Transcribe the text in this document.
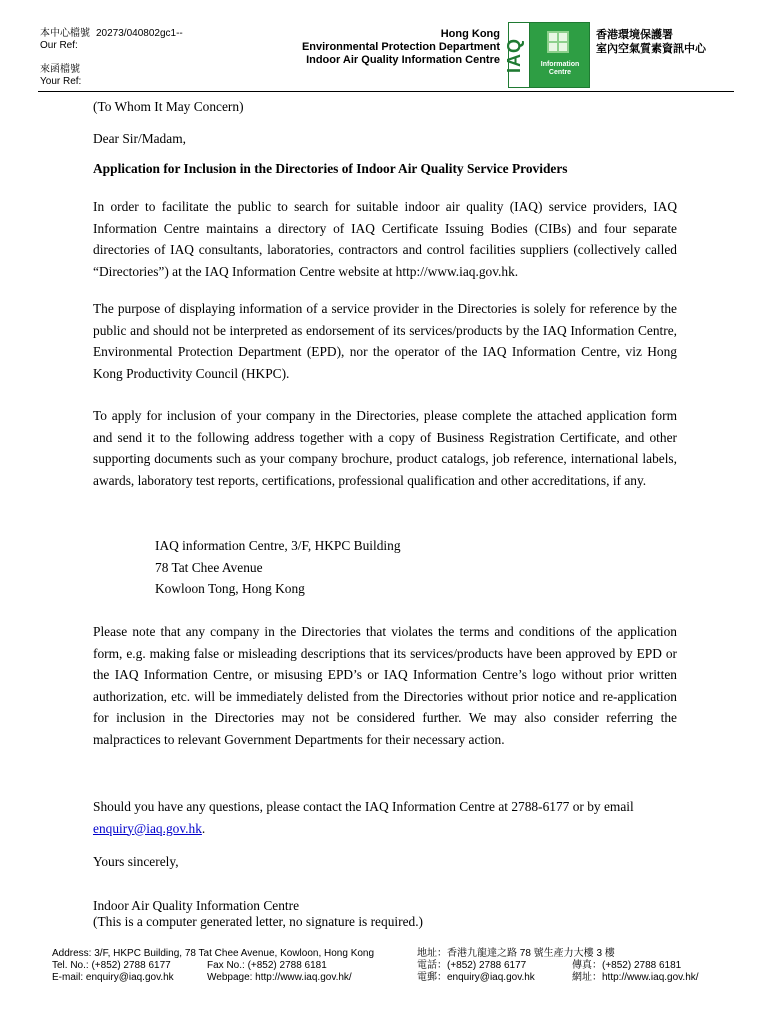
本中心檔號 20273/040802gc1--
Our Ref:
來函檔號
Your Ref:
Hong Kong
Environmental Protection Department
Indoor Air Quality Information Centre IAQ	Information
Centre
香港環境保護署
室內空氣質素資訊中心
(To Whom It May Concern)
Dear Sir/Madam,
Application for Inclusion in the Directories of Indoor Air Quality Service Providers
In order to facilitate the public to search for suitable indoor air quality (IAQ) service providers, IAQ Information Centre maintains a directory of IAQ Certificate Issuing Bodies (CIBs) and four separate directories of IAQ consultants, laboratories, contractors and control facilities suppliers (collectively called “Directories”) at the IAQ Information Centre website at http://www.iaq.gov.hk.
The purpose of displaying information of a service provider in the Directories is solely for reference by the public and should not be interpreted as endorsement of its services/products by the IAQ Information Centre, Environmental Protection Department (EPD), nor the operator of the IAQ Information Centre, viz Hong Kong Productivity Council (HKPC).
To apply for inclusion of your company in the Directories, please complete the attached application form and send it to the following address together with a copy of Business Registration Certificate, and other supporting documents such as your company brochure, product catalogs, job reference, international labels, awards, laboratory test reports, certifications, professional qualification and other accreditations, if any.
IAQ information Centre, 3/F, HKPC Building
78 Tat Chee Avenue
Kowloon Tong, Hong Kong
Please note that any company in the Directories that violates the terms and conditions of the application form, e.g. making false or misleading descriptions that its services/products have been approved by EPD or the IAQ Information Centre, or misusing EPD’s or IAQ Information Centre’s logo without prior written authorization, etc. will be immediately delisted from the Directories without prior notice and re-application for inclusion in the Directories may not be considered further. We may also consider referring the malpractices to relevant Government Departments for their necessary action.
Should you have any questions, please contact the IAQ Information Centre at 2788-6177 or by email
enquiry@iaq.gov.hk.
Yours sincerely,
Indoor Air Quality Information Centre
(This is a computer generated letter, no signature is required.)
Address: 3/F, HKPC Building, 78 Tat Chee Avenue, Kowloon, Hong Kong
Tel. No.: (+852) 2788 6177	Fax No.: (+852) 2788 6181
E-mail: enquiry@iaq.gov.hk	Webpage: http://www.iaq.gov.hk/
地址：香港九龍達之路 78 號生產力大樓 3 樓
電話：(+852) 2788 6177	傳真：(+852) 2788 6181
電郵：enquiry@iaq.gov.hk	網址：http://www.iaq.gov.hk/
